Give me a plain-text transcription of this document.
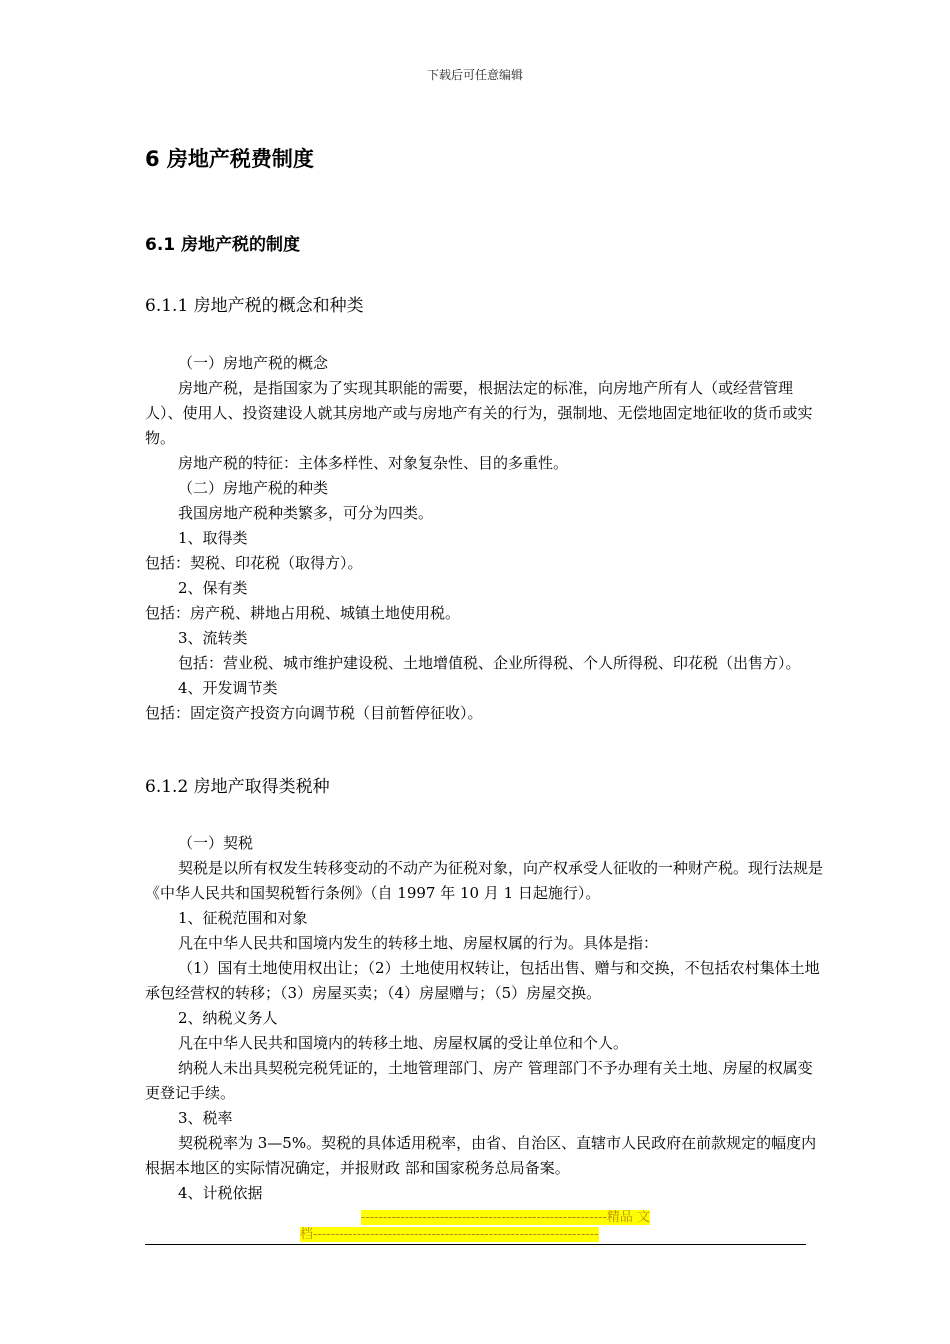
下载后可任意编辑
6 房地产税费制度
6.1 房地产税的制度
6.1.1 房地产税的概念和种类

（一）房地产税的概念

房地产税，是指国家为了实现其职能的需要，根据法定的标准，向房地产所有人（或经营管理人）、使用人、投资建设人就其房地产或与房地产有关的行为，强制地、无偿地固定地征收的货币或实物。

房地产税的特征：主体多样性、对象复杂性、目的多重性。

（二）房地产税的种类

我国房地产税种类繁多，可分为四类。

1、取得类

包括：契税、印花税（取得方）。

2、保有类

包括：房产税、耕地占用税、城镇土地使用税。

3、流转类

包括：营业税、城市维护建设税、土地增值税、企业所得税、个人所得税、印花税（出售方）。

4、开发调节类

包括：固定资产投资方向调节税（目前暂停征收）。

6.1.2 房地产取得类税种

（一）契税

契税是以所有权发生转移变动的不动产为征税对象，向产权承受人征收的一种财产税。现行法规是《中华人民共和国契税暂行条例》（自 1997 年 10 月 1 日起施行）。

1、征税范围和对象

凡在中华人民共和国境内发生的转移土地、房屋权属的行为。具体是指：

（1）国有土地使用权出让；（2）土地使用权转让，包括出售、赠与和交换，不包括农村集体土地承包经营权的转移；（3）房屋买卖；（4）房屋赠与；（5）房屋交换。

2、纳税义务人

凡在中华人民共和国境内的转移土地、房屋权属的受让单位和个人。

纳税人未出具契税完税凭证的，土地管理部门、房产 管理部门不予办理有关土地、房屋的权属变更登记手续。

3、税率

契税税率为 3—5%。契税的具体适用税率，由省、自治区、直辖市人民政府在前款规定的幅度内根据本地区的实际情况确定，并报财政 部和国家税务总局备案。

4、计税依据

--------------------------------------------------------精品 文
档-----------------------------------------------------------------
